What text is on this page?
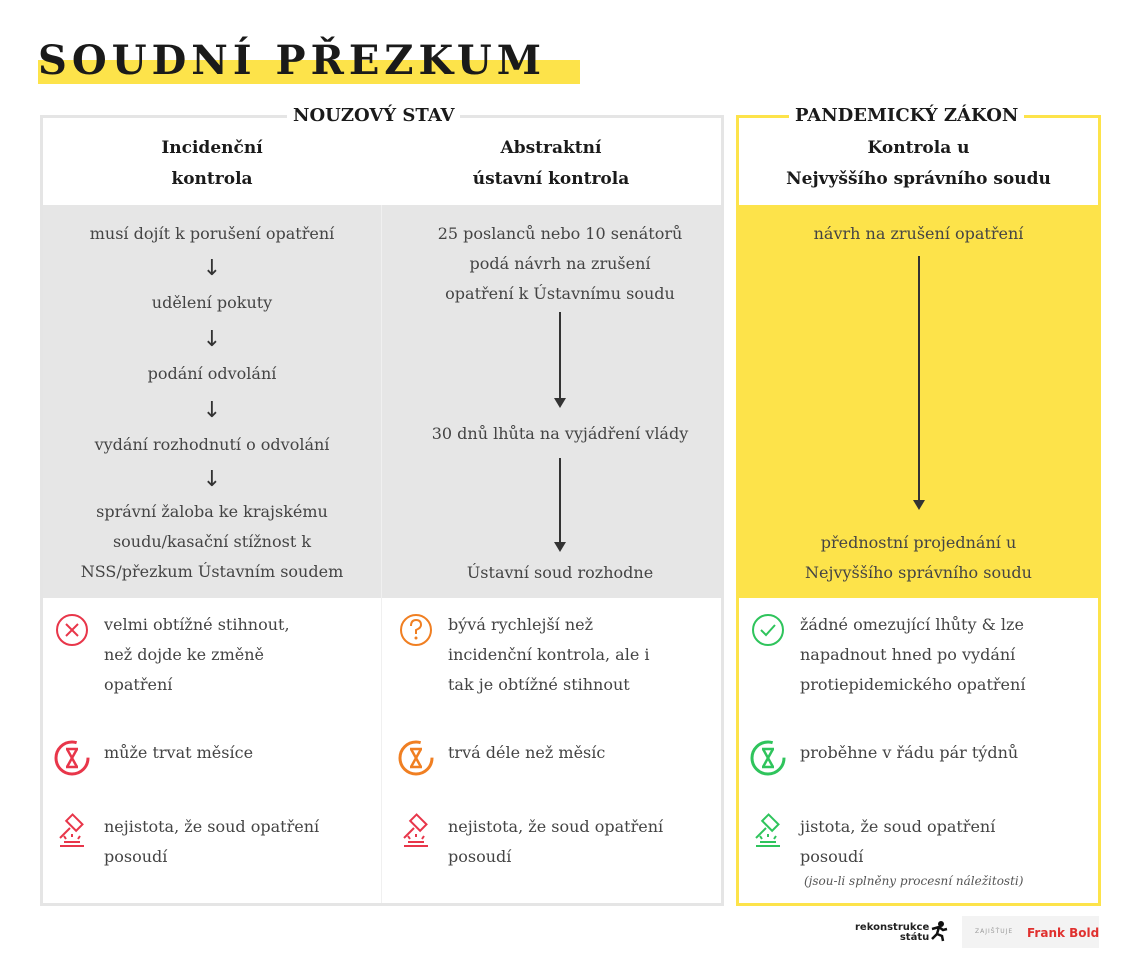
SOUDNÍ PŘEZKUM
NOUZOVÝ STAV	PANDEMICKÝ ZÁKON
Incidenční
kontrola
Abstraktní
ústavní kontrola
Kontrola u
Nejvyššího správního soudu
musí dojít k porušení opatření
↓
udělení pokuty
↓
podání odvolání
↓
vydání rozhodnutí o odvolání
↓
správní žaloba ke krajskému
soudu/kasační stížnost k
NSS/přezkum Ústavním soudem
25 poslanců nebo 10 senátorů
podá návrh na zrušení
opatření k Ústavnímu soudu
30 dnů lhůta na vyjádření vlády
Ústavní soud rozhodne
návrh na zrušení opatření
přednostní projednání u
Nejvyššího správního soudu
velmi obtížné stihnout,
než dojde ke změně
opatření
může trvat měsíce
nejistota, že soud opatření
posoudí
bývá rychlejší než
incidenční kontrola, ale i
tak je obtížné stihnout
trvá déle než měsíc
nejistota, že soud opatření
posoudí
žádné omezující lhůty & lze
napadnout hned po vydání
protiepidemického opatření
proběhne v řádu pár týdnů
jistota, že soud opatření
posoudí
(jsou-li splněny procesní náležitosti)
rekonstrukce
státu
ZAJIŠŤUJE Frank Bold
